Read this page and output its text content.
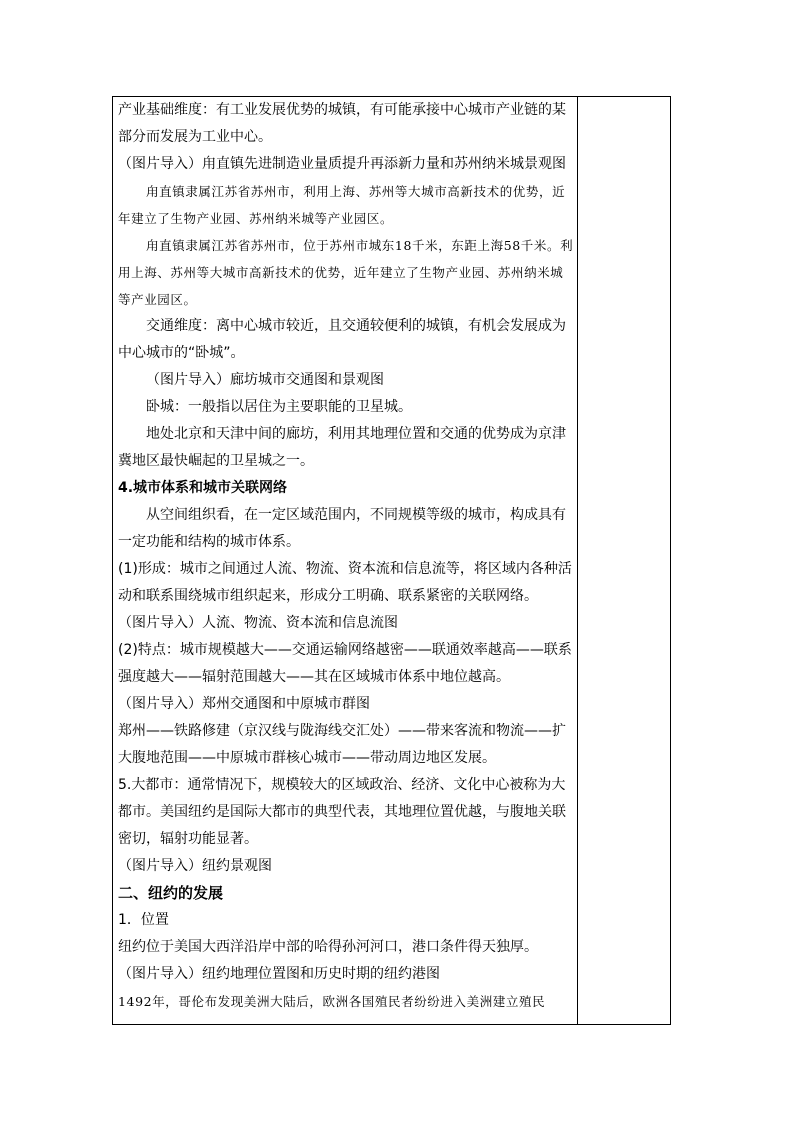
产业基础维度：有工业发展优势的城镇，有可能承接中心城市产业链的某部分而发展为工业中心。

（图片导入）甪直镇先进制造业量质提升再添新力量和苏州纳米城景观图

甪直镇隶属江苏省苏州市，利用上海、苏州等大城市高新技术的优势，近年建立了生物产业园、苏州纳米城等产业园区。

甪直镇隶属江苏省苏州市，位于苏州市城东18千米，东距上海58千米。利用上海、苏州等大城市高新技术的优势，近年建立了生物产业园、苏州纳米城等产业园区。

交通维度：离中心城市较近，且交通较便利的城镇，有机会发展成为中心城市的“卧城”。

（图片导入）廊坊城市交通图和景观图

卧城：一般指以居住为主要职能的卫星城。

地处北京和天津中间的廊坊，利用其地理位置和交通的优势成为京津冀地区最快崛起的卫星城之一。

4.城市体系和城市关联网络

从空间组织看，在一定区域范围内，不同规模等级的城市，构成具有一定功能和结构的城市体系。

(1)形成：城市之间通过人流、物流、资本流和信息流等，将区域内各种活动和联系围绕城市组织起来，形成分工明确、联系紧密的关联网络。

（图片导入）人流、物流、资本流和信息流图

(2)特点：城市规模越大——交通运输网络越密——联通效率越高——联系强度越大——辐射范围越大——其在区域城市体系中地位越高。

（图片导入）郑州交通图和中原城市群图

郑州——铁路修建（京汉线与陇海线交汇处）——带来客流和物流——扩大腹地范围——中原城市群核心城市——带动周边地区发展。

5.大都市：通常情况下，规模较大的区域政治、经济、文化中心被称为大都市。美国纽约是国际大都市的典型代表，其地理位置优越，与腹地关联密切，辐射功能显著。

（图片导入）纽约景观图

二、纽约的发展

1．位置

纽约位于美国大西洋沿岸中部的哈得孙河河口，港口条件得天独厚。

（图片导入）纽约地理位置图和历史时期的纽约港图

1492年，哥伦布发现美洲大陆后，欧洲各国殖民者纷纷进入美洲建立殖民
